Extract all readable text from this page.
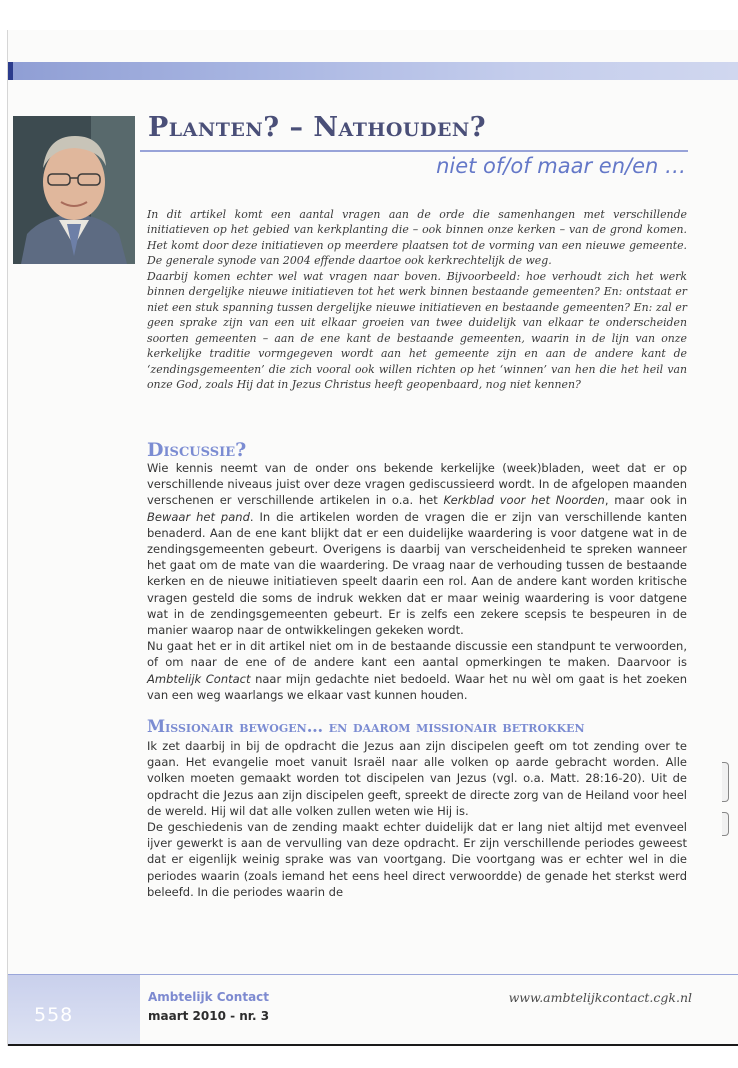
Planten? – Nathouden?
niet of/of maar en/en …

In dit artikel komt een aantal vragen aan de orde die samenhangen met verschillende initiatieven op het gebied van kerkplanting die – ook binnen onze kerken – van de grond komen. Het komt door deze initiatieven op meerdere plaatsen tot de vorming van een nieuwe gemeente. De generale synode van 2004 effende daartoe ook kerkrechtelijk de weg.

Daarbij komen echter wel wat vragen naar boven. Bijvoorbeeld: hoe verhoudt zich het werk binnen dergelijke nieuwe initiatieven tot het werk binnen bestaande gemeenten? En: ontstaat er niet een stuk spanning tussen dergelijke nieuwe initiatieven en bestaande gemeenten? En: zal er geen sprake zijn van een uit elkaar groeien van twee duidelijk van elkaar te onderscheiden soorten gemeenten – aan de ene kant de bestaande gemeenten, waarin in de lijn van onze kerkelijke traditie vormgegeven wordt aan het gemeente zijn en aan de andere kant de ‘zendingsgemeenten’ die zich vooral ook willen richten op het ‘winnen’ van hen die het heil van onze God, zoals Hij dat in Jezus Christus heeft geopenbaard, nog niet kennen?

Discussie?

Wie kennis neemt van de onder ons bekende kerkelijke (week)bladen, weet dat er op verschillende niveaus juist over deze vragen gediscussieerd wordt. In de afgelopen maanden verschenen er verschillende artikelen in o.a. het Kerkblad voor het Noorden, maar ook in Bewaar het pand. In die artikelen worden de vragen die er zijn van verschillende kanten benaderd. Aan de ene kant blijkt dat er een duidelijke waardering is voor datgene wat in de zendingsgemeenten gebeurt. Overigens is daarbij van verscheidenheid te spreken wanneer het gaat om de mate van die waardering. De vraag naar de verhouding tussen de bestaande kerken en de nieuwe initiatieven speelt daarin een rol. Aan de andere kant worden kritische vragen gesteld die soms de indruk wekken dat er maar weinig waardering is voor datgene wat in de zendingsgemeenten gebeurt. Er is zelfs een zekere scepsis te bespeuren in de manier waarop naar de ontwikkelingen gekeken wordt.

Nu gaat het er in dit artikel niet om in de bestaande discussie een standpunt te verwoorden, of om naar de ene of de andere kant een aantal opmerkingen te maken. Daarvoor is Ambtelijk Contact naar mijn gedachte niet bedoeld. Waar het nu wèl om gaat is het zoeken van een weg waarlangs we elkaar vast kunnen houden.

Missionair bewogen… en daarom missionair betrokken

Ik zet daarbij in bij de opdracht die Jezus aan zijn discipelen geeft om tot zending over te gaan. Het evangelie moet vanuit Israël naar alle volken op aarde gebracht worden. Alle volken moeten gemaakt worden tot discipelen van Jezus (vgl. o.a. Matt. 28:16-20). Uit de opdracht die Jezus aan zijn discipelen geeft, spreekt de directe zorg van de Heiland voor heel de wereld. Hij wil dat alle volken zullen weten wie Hij is.

De geschiedenis van de zending maakt echter duidelijk dat er lang niet altijd met evenveel ijver gewerkt is aan de vervulling van deze opdracht. Er zijn verschillende periodes geweest dat er eigenlijk weinig sprake was van voortgang. Die voortgang was er echter wel in die periodes waarin (zoals iemand het eens heel direct verwoordde) de genade het sterkst werd beleefd. In die periodes waarin de

558
Ambtelijk Contact
maart 2010 - nr. 3
www.ambtelijkcontact.cgk.nl
